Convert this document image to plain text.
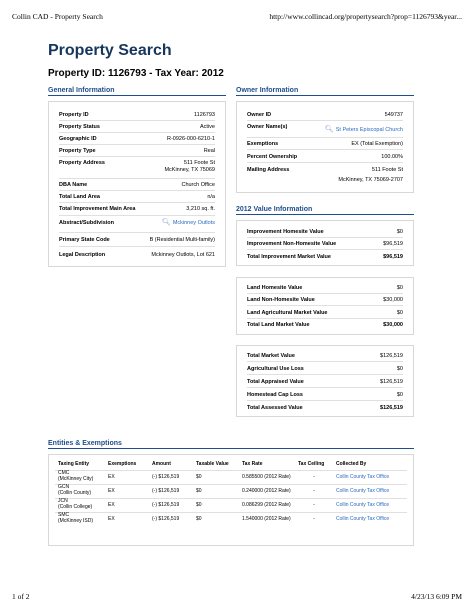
Collin CAD - Property Search	http://www.collincad.org/propertysearch?prop=1126793&year...
Property Search
Property ID: 1126793 - Tax Year: 2012
General Information
Property ID	1126793
Property Status	Active
Geographic ID	R-0926-000-6210-1
Property Type	Real
Property Address	511 Foote St
McKinney, TX 75069
DBA Name	Church Office
Total Land Area	n/a
Total Improvement Main Area	3,210 sq. ft.
Abstract/Subdivision	🔍︎ Mckinney Outlots
Primary State Code	B (Residential Multi-family)
Legal Description	Mckinney Outlots, Lot 621
Owner Information
Owner ID	549737
Owner Name(s)	🔍︎ St Peters Episcopal Church
Exemptions	EX (Total Exemption)
Percent Ownership	100.00%
Mailing Address	511 Foote St
McKinney, TX 75069-2707
2012 Value Information
Improvement Homesite Value	$0
Improvement Non-Homesite Value	$96,519
Total Improvement Market Value	$96,519
Land Homesite Value	$0
Land Non-Homesite Value	$30,000
Land Agricultural Market Value	$0
Total Land Market Value	$30,000
Total Market Value	$126,519
Agricultural Use Loss	$0
Total Appraised Value	$126,519
Homestead Cap Loss	$0
Total Assessed Value	$126,519
Entities & Exemptions
Taxing Entity	Exemptions	Amount	Taxable Value	Tax Rate	Tax Ceiling	Collected By

CMC
(McKinney City)	EX	(-) $126,519	$0	0.585500 (2012 Rate)	-	Collin County Tax Office

GCN
(Collin County)	EX	(-) $126,519	$0	0.240000 (2012 Rate)	-	Collin County Tax Office

JCN
(Collin College)	EX	(-) $126,519	$0	0.086299 (2012 Rate)	-	Collin County Tax Office

SMC
(McKinney ISD)	EX	(-) $126,519	$0	1.540000 (2012 Rate)	-	Collin County Tax Office
1 of 2	4/23/13 6:09 PM
